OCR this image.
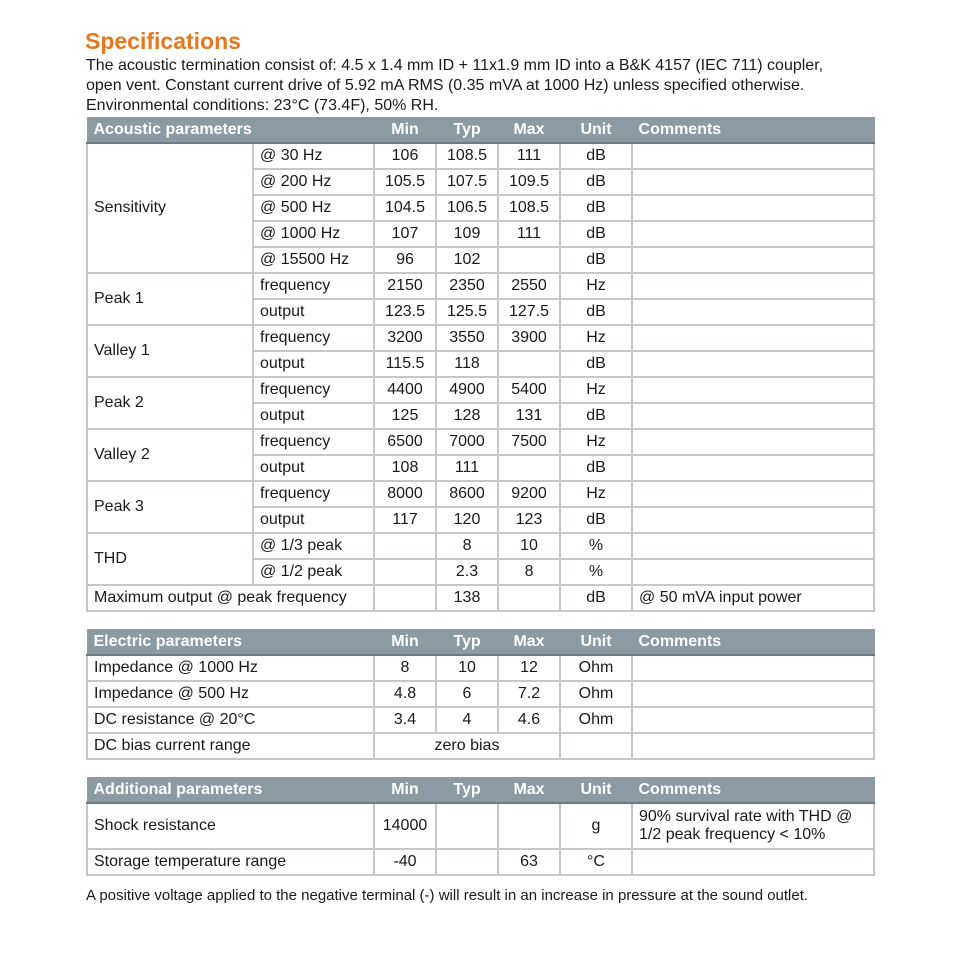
Specifications

The acoustic termination consist of: 4.5 x 1.4 mm ID + 11x1.9 mm ID into a B&K 4157 (IEC 711) coupler,
open vent. Constant current drive of 5.92 mA RMS (0.35 mVA at 1000 Hz) unless specified otherwise.
Environmental conditions: 23°C (73.4F), 50% RH.

Acoustic parameters		Min	Typ	Max	Unit	Comments
Sensitivity	@ 30 Hz	106	108.5	111	dB	
	@ 200 Hz	105.5	107.5	109.5	dB	
	@ 500 Hz	104.5	106.5	108.5	dB	
	@ 1000 Hz	107	109	111	dB	
	@ 15500 Hz	96	102		dB	
Peak 1	frequency	2150	2350	2550	Hz	
	output	123.5	125.5	127.5	dB	
Valley 1	frequency	3200	3550	3900	Hz	
	output	115.5	118		dB	
Peak 2	frequency	4400	4900	5400	Hz	
	output	125	128	131	dB	
Valley 2	frequency	6500	7000	7500	Hz	
	output	108	111		dB	
Peak 3	frequency	8000	8600	9200	Hz	
	output	117	120	123	dB	
THD	@ 1/3 peak		8	10	%	
	@ 1/2 peak		2.3	8	%	
Maximum output @ peak frequency			138		dB	@ 50 mVA input power
Electric parameters	Min	Typ	Max	Unit	Comments
Impedance @ 1000 Hz	8	10	12	Ohm	
Impedance @ 500 Hz	4.8	6	7.2	Ohm	
DC resistance @ 20°C	3.4	4	4.6	Ohm	
DC bias current range	zero bias				
Additional parameters	Min	Typ	Max	Unit	Comments
Shock resistance	14000			g	90% survival rate with THD @
1/2 peak frequency < 10%
Storage temperature range	-40		63	°C	

A positive voltage applied to the negative terminal (-) will result in an increase in pressure at the sound outlet.
